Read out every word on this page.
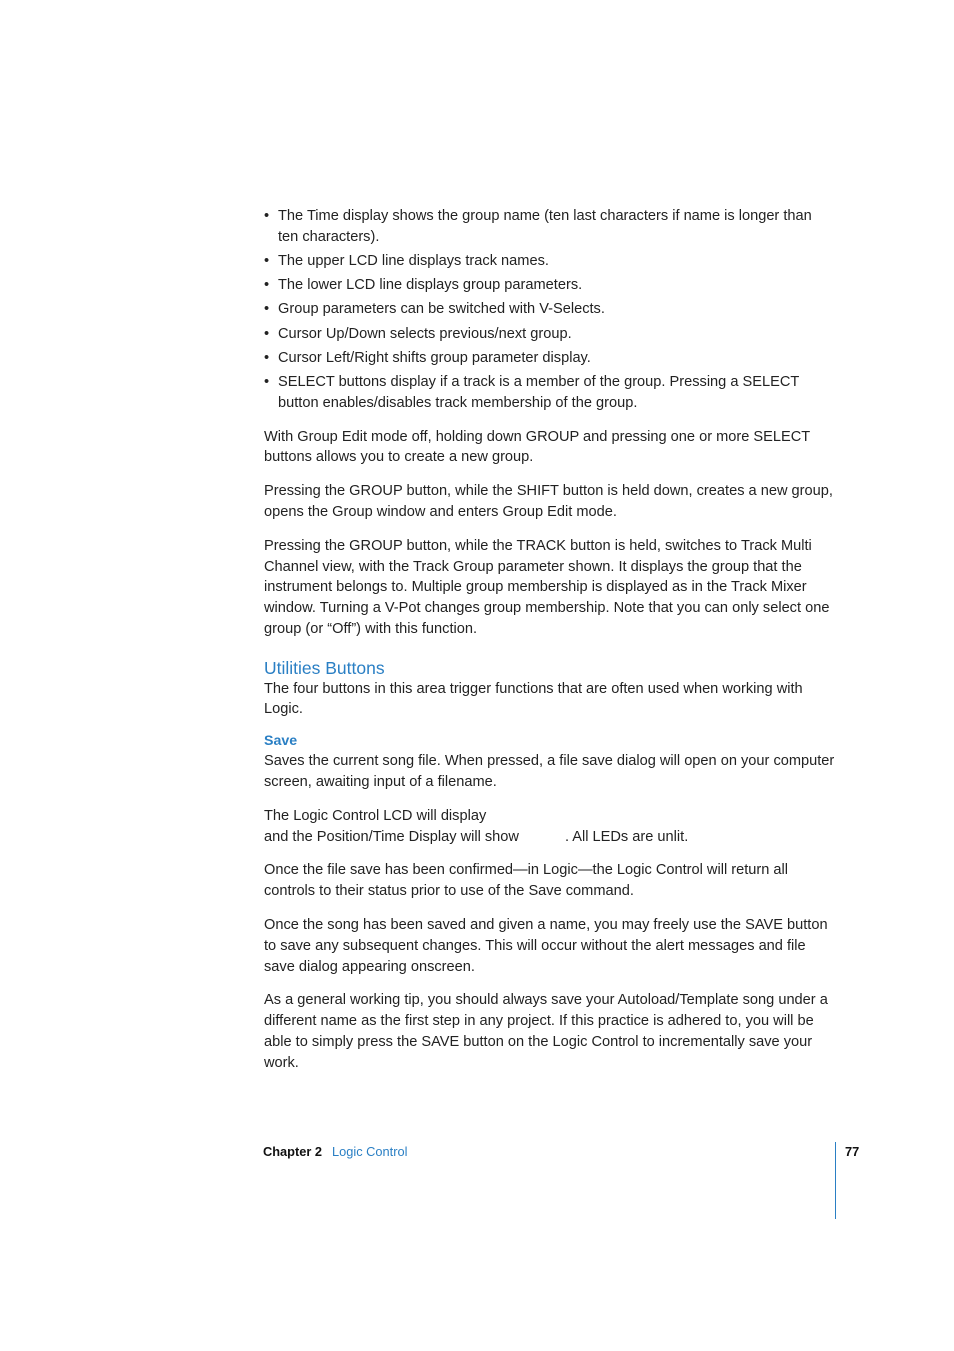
• The Time display shows the group name (ten last characters if name is longer than ten characters).
• The upper LCD line displays track names.
• The lower LCD line displays group parameters.
• Group parameters can be switched with V-Selects.
• Cursor Up/Down selects previous/next group.
• Cursor Left/Right shifts group parameter display.
• SELECT buttons display if a track is a member of the group. Pressing a SELECT button enables/disables track membership of the group.

With Group Edit mode off, holding down GROUP and pressing one or more SELECT buttons allows you to create a new group.

Pressing the GROUP button, while the SHIFT button is held down, creates a new group, opens the Group window and enters Group Edit mode.

Pressing the GROUP button, while the TRACK button is held, switches to Track Multi Channel view, with the Track Group parameter shown. It displays the group that the instrument belongs to. Multiple group membership is displayed as in the Track Mixer window. Turning a V-Pot changes group membership. Note that you can only select one group (or “Off”) with this function.

Utilities Buttons

The four buttons in this area trigger functions that are often used when working with Logic.

Save

Saves the current song file. When pressed, a file save dialog will open on your computer screen, awaiting input of a filename.

The Logic Control LCD will display
and the Position/Time Display will show	. All LEDs are unlit.

Once the file save has been confirmed—in Logic—the Logic Control will return all controls to their status prior to use of the Save command.

Once the song has been saved and given a name, you may freely use the SAVE button to save any subsequent changes. This will occur without the alert messages and file save dialog appearing onscreen.

As a general working tip, you should always save your Autoload/Template song under a different name as the first step in any project. If this practice is adhered to, you will be able to simply press the SAVE button on the Logic Control to incrementally save your work.

Chapter 2 Logic Control	77
